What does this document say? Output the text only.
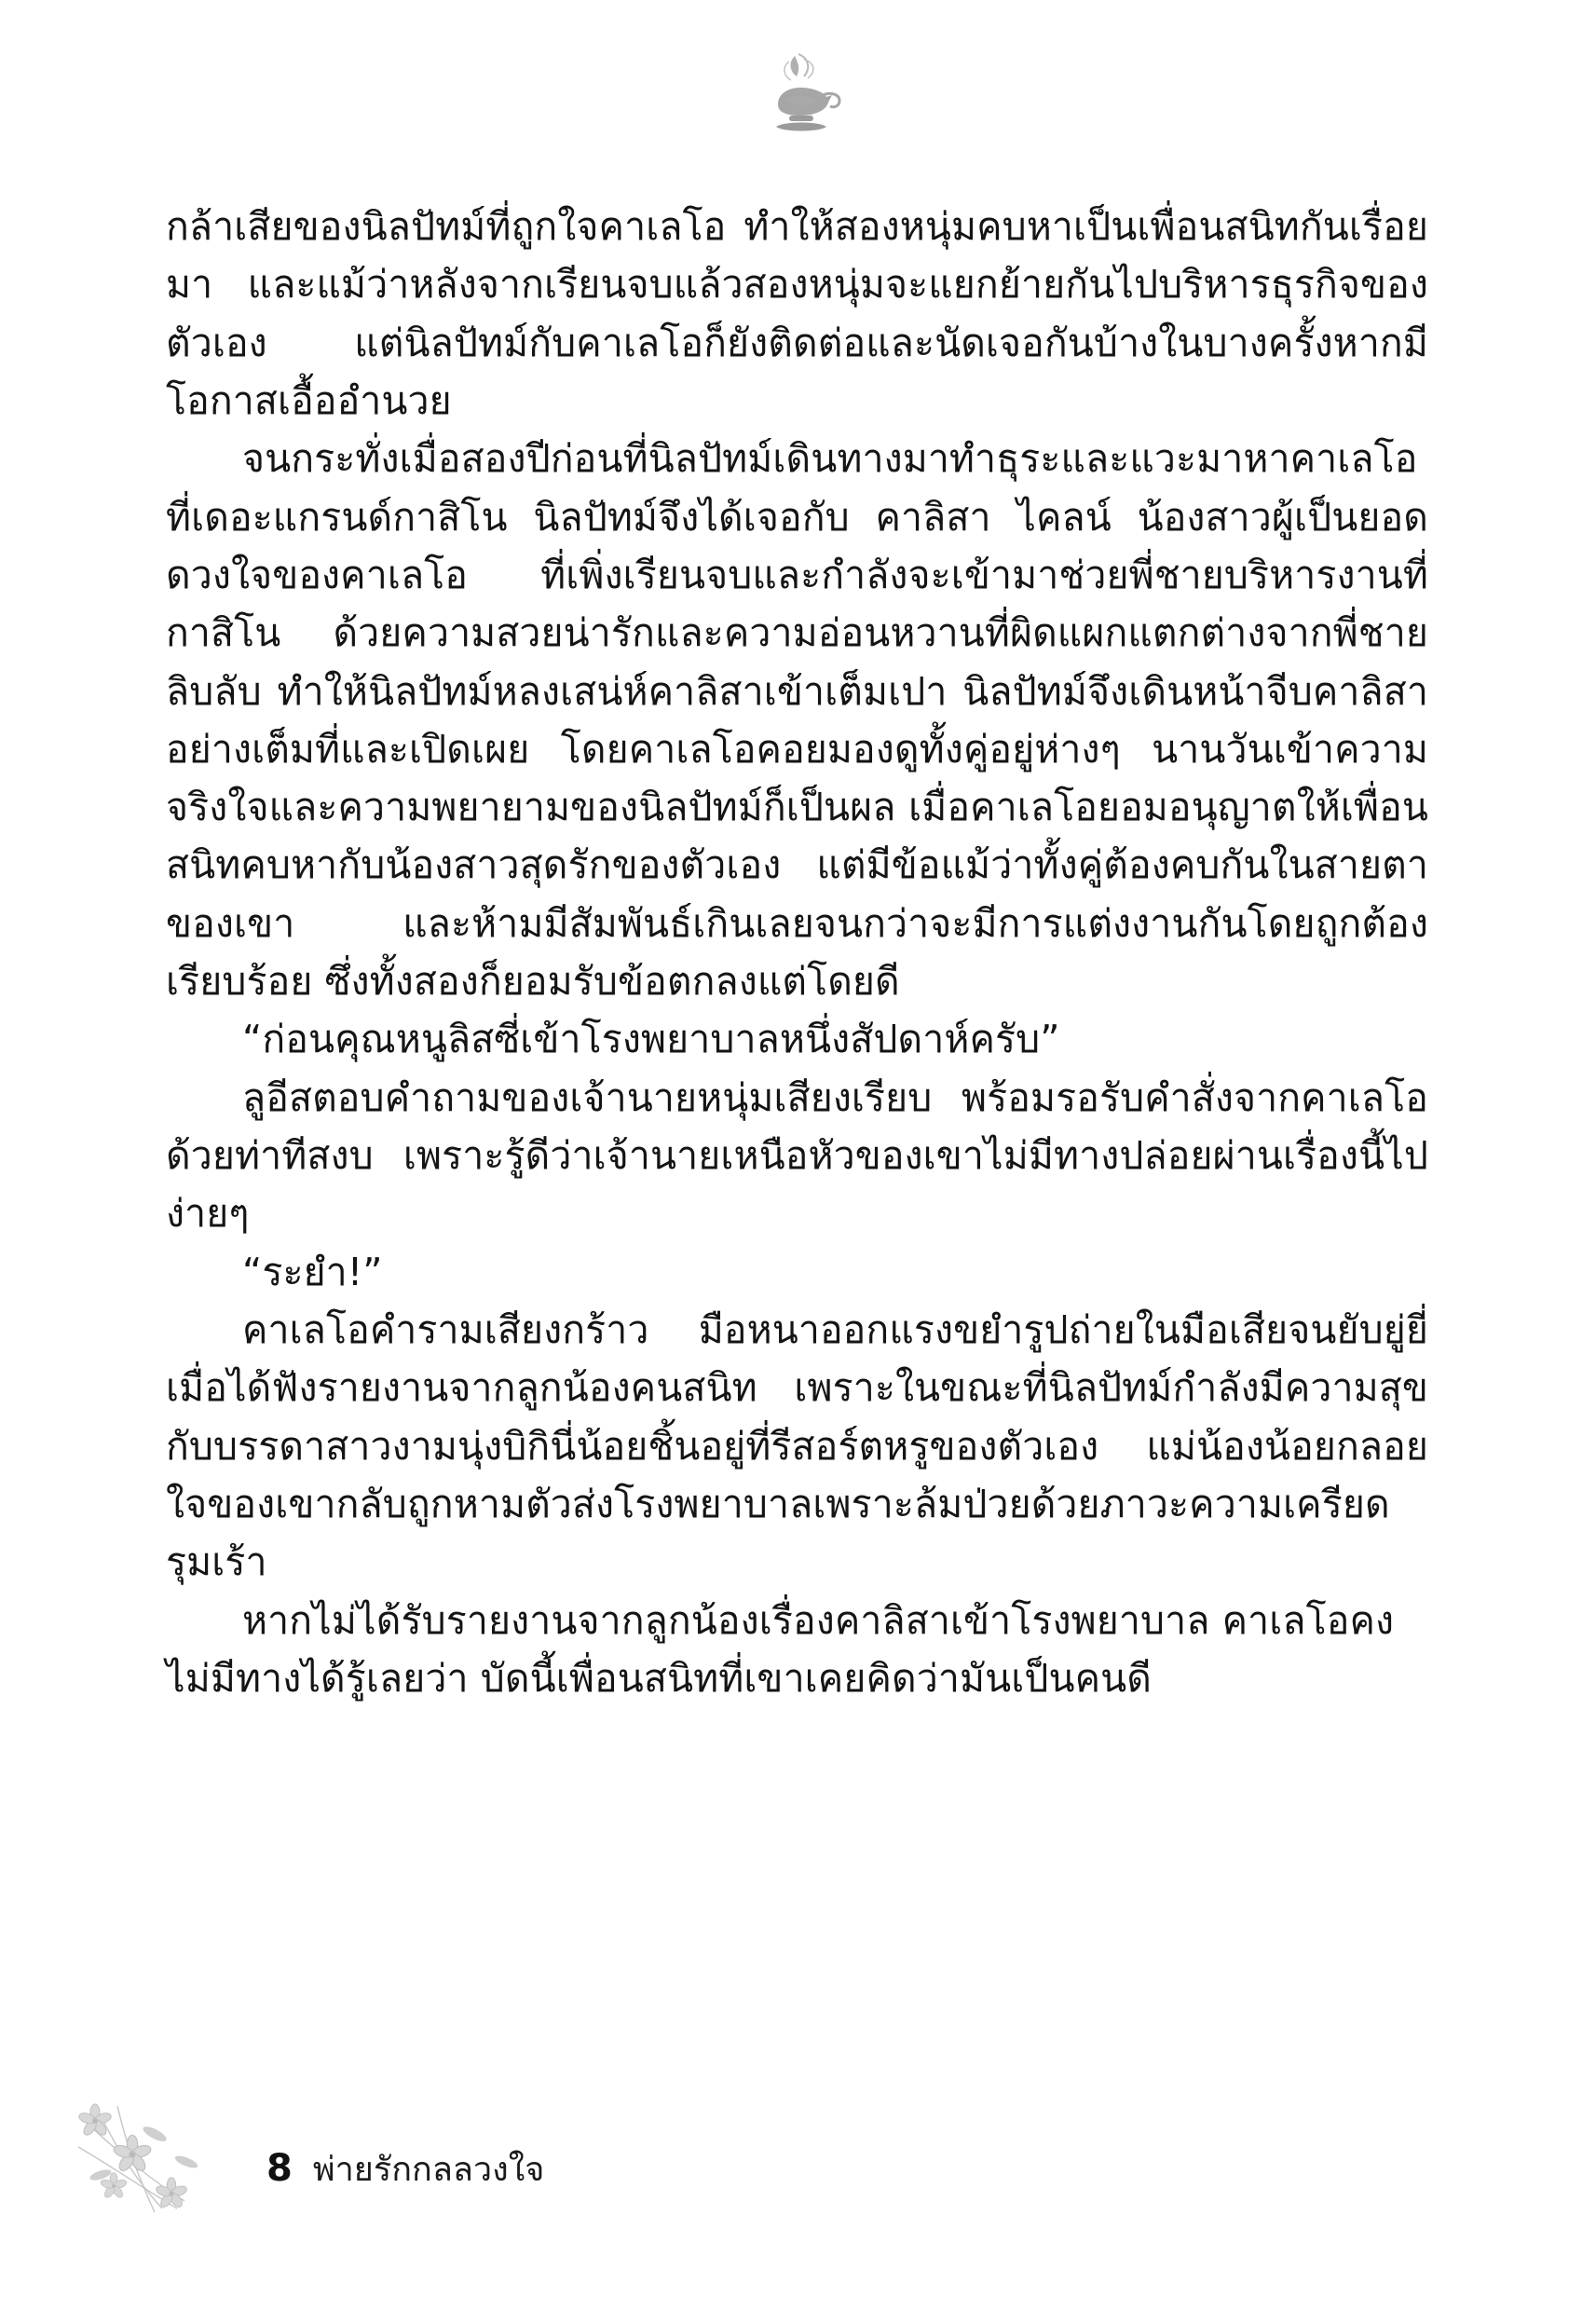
กล้าเสียของนิลปัทม์ที่ถูกใจคาเลโอ ทำให้สองหนุ่มคบหาเป็นเพื่อนสนิทกันเรื่อยมา และแม้ว่าหลังจากเรียนจบแล้วสองหนุ่มจะแยกย้ายกันไปบริหารธุรกิจของตัวเอง แต่นิลปัทม์กับคาเลโอก็ยังติดต่อและนัดเจอกันบ้างในบางครั้งหากมีโอกาสเอื้ออำนวย

จนกระทั่งเมื่อสองปีก่อนที่นิลปัทม์เดินทางมาทำธุระและแวะมาหาคาเลโอที่เดอะแกรนด์กาสิโน นิลปัทม์จึงได้เจอกับ คาลิสา ไคลน์ น้องสาวผู้เป็นยอดดวงใจของคาเลโอ ที่เพิ่งเรียนจบและกำลังจะเข้ามาช่วยพี่ชายบริหารงานที่กาสิโน ด้วยความสวยน่ารักและความอ่อนหวานที่ผิดแผกแตกต่างจากพี่ชายลิบลับ ทำให้นิลปัทม์หลงเสน่ห์คาลิสาเข้าเต็มเปา นิลปัทม์จึงเดินหน้าจีบคาลิสาอย่างเต็มที่และเปิดเผย โดยคาเลโอคอยมองดูทั้งคู่อยู่ห่างๆ นานวันเข้าความจริงใจและความพยายามของนิลปัทม์ก็เป็นผล เมื่อคาเลโอยอมอนุญาตให้เพื่อนสนิทคบหากับน้องสาวสุดรักของตัวเอง แต่มีข้อแม้ว่าทั้งคู่ต้องคบกันในสายตาของเขา และห้ามมีสัมพันธ์เกินเลยจนกว่าจะมีการแต่งงานกันโดยถูกต้องเรียบร้อย ซึ่งทั้งสองก็ยอมรับข้อตกลงแต่โดยดี

“ก่อนคุณหนูลิสซี่เข้าโรงพยาบาลหนึ่งสัปดาห์ครับ”

ลูอีสตอบคำถามของเจ้านายหนุ่มเสียงเรียบ พร้อมรอรับคำสั่งจากคาเลโอด้วยท่าทีสงบ เพราะรู้ดีว่าเจ้านายเหนือหัวของเขาไม่มีทางปล่อยผ่านเรื่องนี้ไปง่ายๆ

“ระยำ!”

คาเลโอคำรามเสียงกร้าว มือหนาออกแรงขยำรูปถ่ายในมือเสียจนยับยู่ยี่เมื่อได้ฟังรายงานจากลูกน้องคนสนิท เพราะในขณะที่นิลปัทม์กำลังมีความสุขกับบรรดาสาวงามนุ่งบิกินี่น้อยชิ้นอยู่ที่รีสอร์ตหรูของตัวเอง แม่น้องน้อยกลอยใจของเขากลับถูกหามตัวส่งโรงพยาบาลเพราะล้มป่วยด้วยภาวะความเครียดรุมเร้า

หากไม่ได้รับรายงานจากลูกน้องเรื่องคาลิสาเข้าโรงพยาบาล คาเลโอคงไม่มีทางได้รู้เลยว่า บัดนี้เพื่อนสนิทที่เขาเคยคิดว่ามันเป็นคนดี

8 พ่ายรักกลลวงใจ
